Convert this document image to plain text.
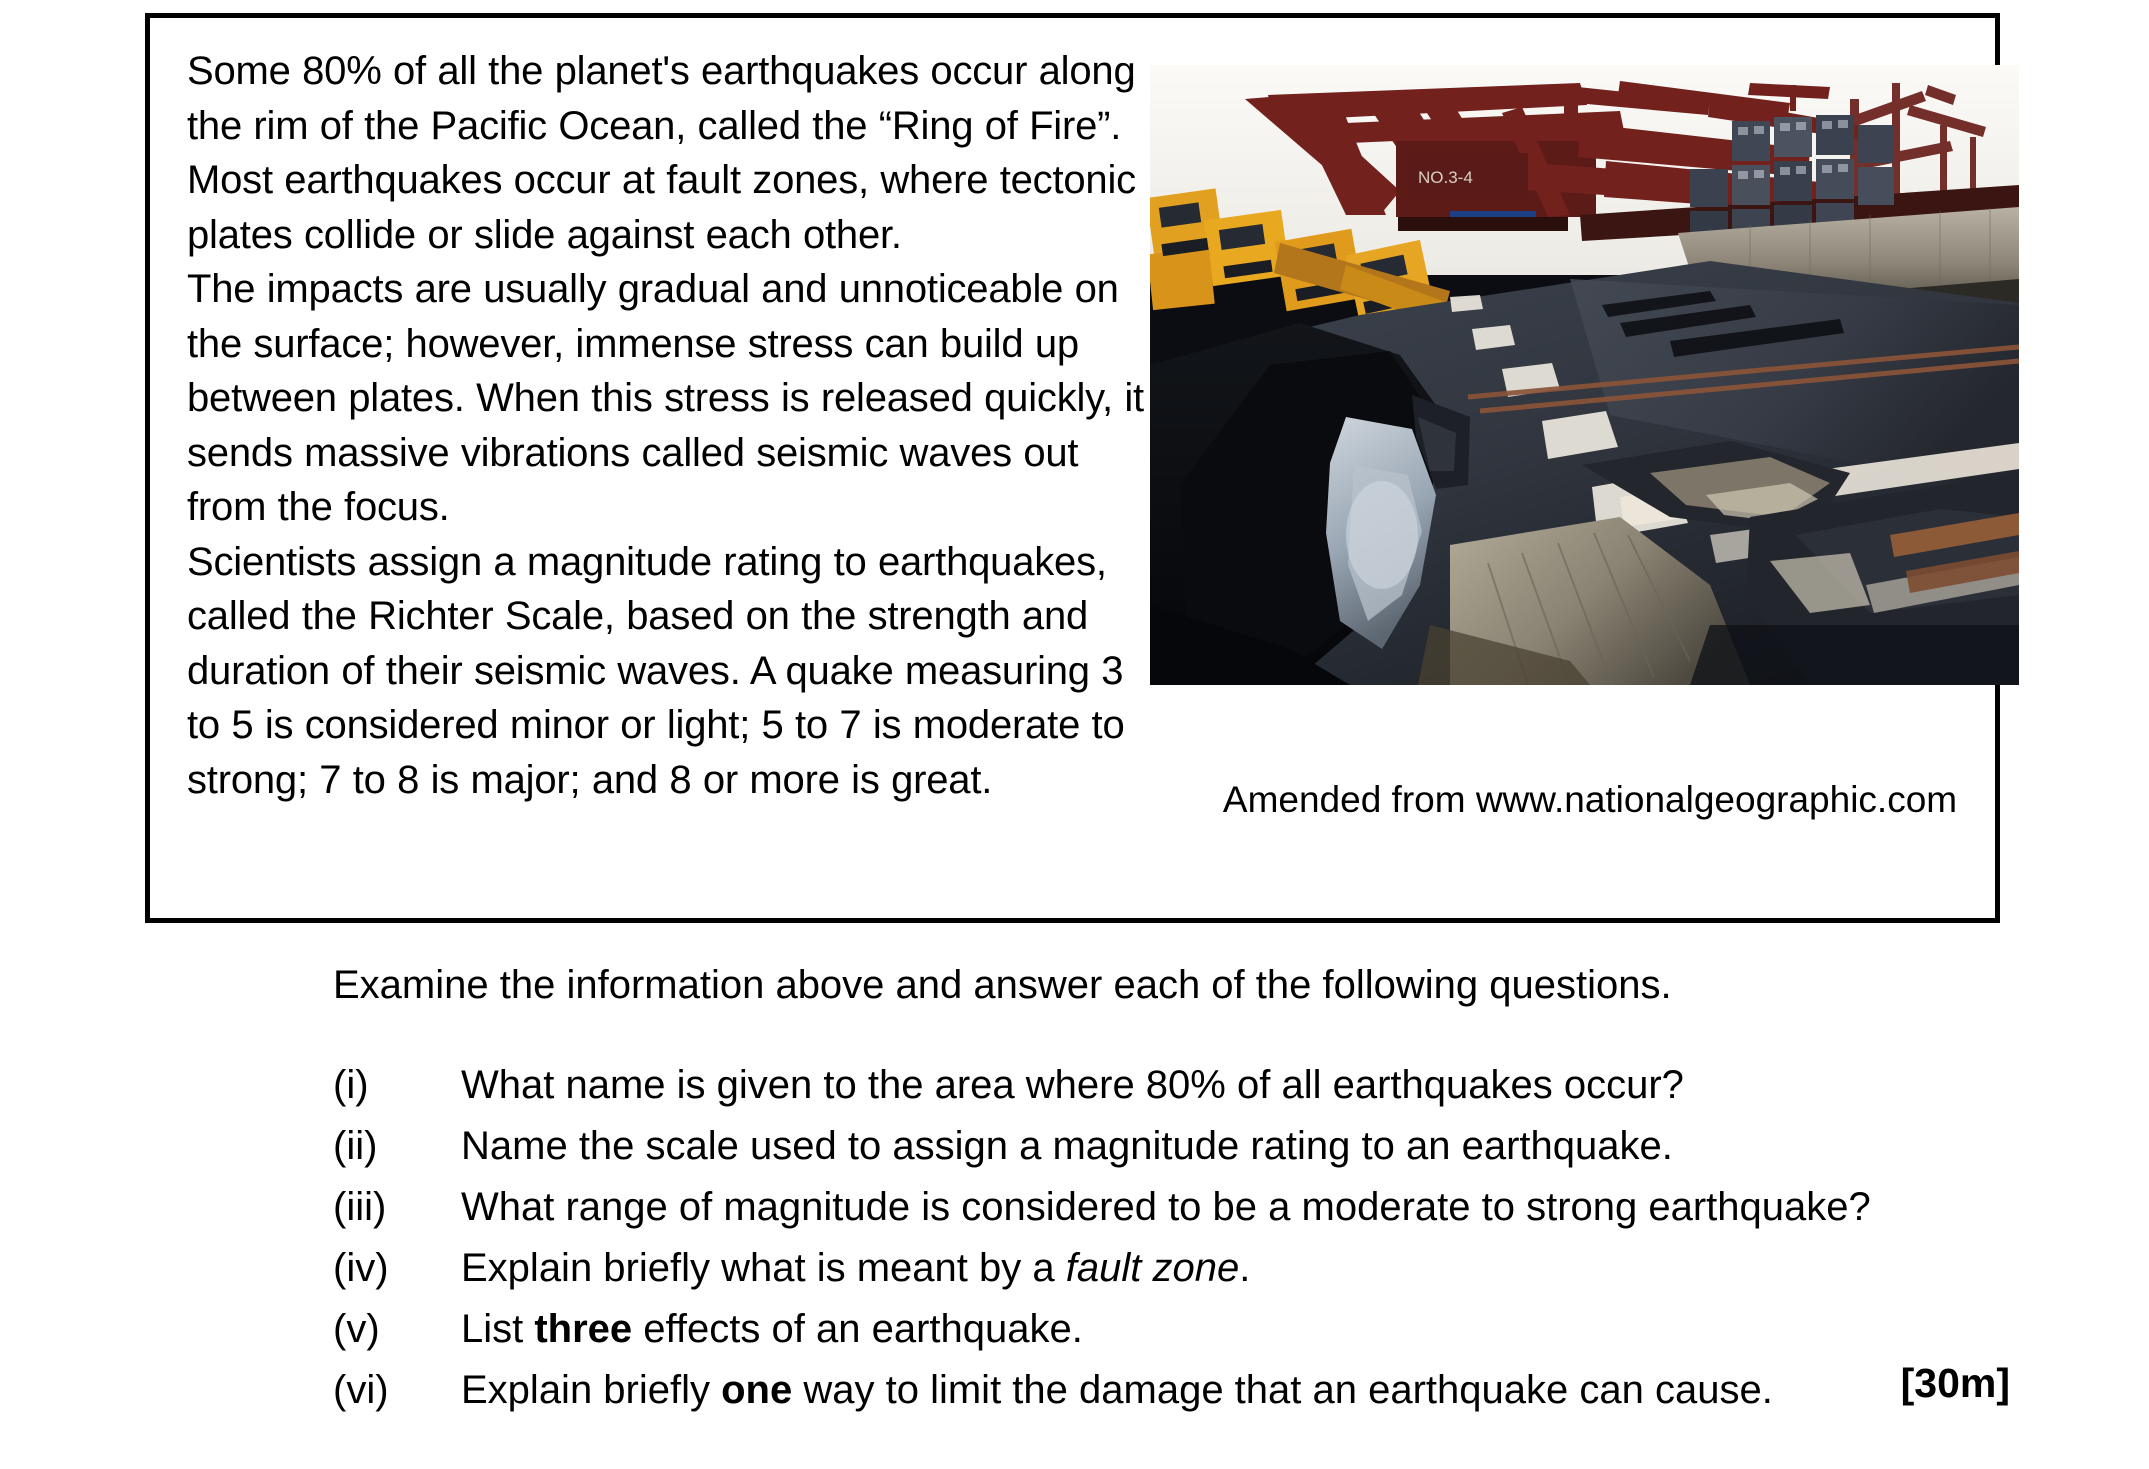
Some 80% of all the planet's earthquakes occur along the rim of the Pacific Ocean, called the “Ring of Fire”. Most earthquakes occur at fault zones, where tectonic plates collide or slide against each other.

The impacts are usually gradual and unnoticeable on the surface; however, immense stress can build up between plates. When this stress is released quickly, it sends massive vibrations called seismic waves out from the focus.

Scientists assign a magnitude rating to earthquakes, called the Richter Scale, based on the strength and duration of their seismic waves. A quake measuring 3 to 5 is considered minor or light; 5 to 7 is moderate to strong; 7 to 8 is major; and 8 or more is great.

NO.3-4
Amended from www.nationalgeographic.com
Examine the information above and answer each of the following questions.
(i)	What name is given to the area where 80% of all earthquakes occur?
(ii)	Name the scale used to assign a magnitude rating to an earthquake.
(iii)	What range of magnitude is considered to be a moderate to strong earthquake?
(iv)	Explain briefly what is meant by a fault zone.
(v)	List three effects of an earthquake.
(vi)	Explain briefly one way to limit the damage that an earthquake can cause.	[30m]
